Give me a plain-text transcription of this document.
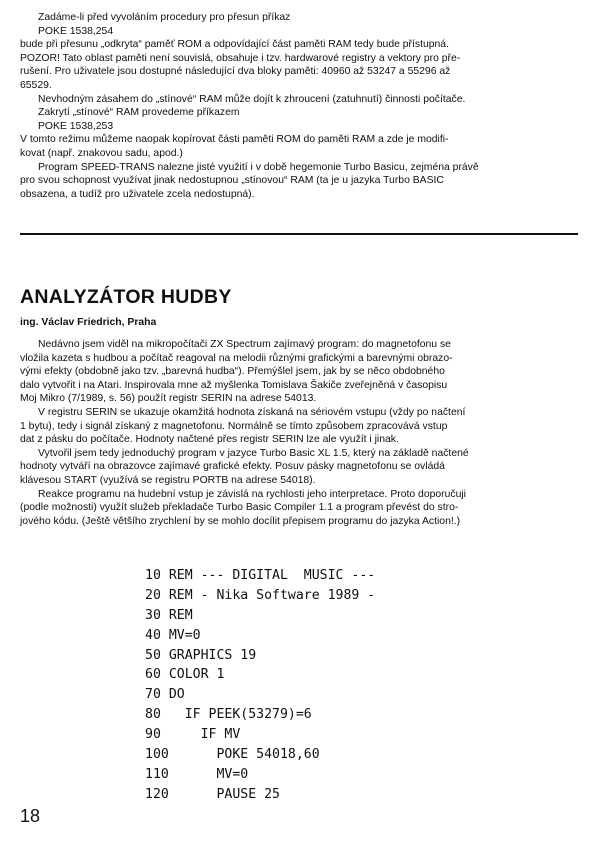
Zadáme-li před vyvoláním procedury pro přesun příkaz

POKE 1538,254

bude při přesunu „odkryta“ paměť ROM a odpovídající část paměti RAM tedy bude přístupná.

POZOR! Tato oblast paměti není souvislá, obsahuje i tzv. hardwarové registry a vektory pro pře-

rušení. Pro uživatele jsou dostupné následující dva bloky paměti: 40960 až 53247 a 55296 až

65529.

Nevhodným zásahem do „stínové“ RAM může dojít k zhroucení (zatuhnutí) činnosti počítače.

Zakrytí „stínové“ RAM provedeme příkazem

POKE 1538,253

V tomto režimu můžeme naopak kopírovat části paměti ROM do paměti RAM a zde je modifi-

kovat (např. znakovou sadu, apod.)

Program SPEED-TRANS nalezne jisté využití i v době hegemonie Turbo Basicu, zejména právě

pro svou schopnost využívat jinak nedostupnou „stínovou“ RAM (ta je u jazyka Turbo BASIC

obsazena, a tudíž pro uživatele zcela nedostupná).

ANALYZÁTOR HUDBY

ing. Václav Friedrich, Praha

Nedávno jsem viděl na mikropočítači ZX Spectrum zajímavý program: do magnetofonu se

vložila kazeta s hudbou a počítač reagoval na melodii různými grafickými a barevnými obrazo-

vými efekty (obdobně jako tzv. „barevná hudba“). Přemýšlel jsem, jak by se něco obdobného

dalo vytvořit i na Atari. Inspirovala mne až myšlenka Tomislava Šakiče zveřejněná v časopisu

Moj Mikro (7/1989, s. 56) použít registr SERIN na adrese 54013.

V registru SERIN se ukazuje okamžitá hodnota získaná na sériovém vstupu (vždy po načtení

1 bytu), tedy i signál získaný z magnetofonu. Normálně se tímto způsobem zpracovává vstup

dat z pásku do počítače. Hodnoty načtené přes registr SERIN lze ale využít i jinak.

Vytvořil jsem tedy jednoduchý program v jazyce Turbo Basic XL 1.5, který na základě načtené

hodnoty vytváří na obrazovce zajímavé grafické efekty. Posuv pásky magnetofonu se ovládá

klávesou START (využívá se registru PORTB na adrese 54018).

Reakce programu na hudební vstup je závislá na rychlosti jeho interpretace. Proto doporučuji

(podle možnosti) využít služeb překladače Turbo Basic Compiler 1.1 a program převést do stro-

jového kódu. (Ještě většího zrychlení by se mohlo docílit přepisem programu do jazyka Action!.)

10 REM --- DIGITAL  MUSIC ---
20 REM - Nika Software 1989 -
30 REM
40 MV=0
50 GRAPHICS 19
60 COLOR 1
70 DO
80   IF PEEK(53279)=6
90     IF MV
100      POKE 54018,60
110      MV=0
120      PAUSE 25

18
